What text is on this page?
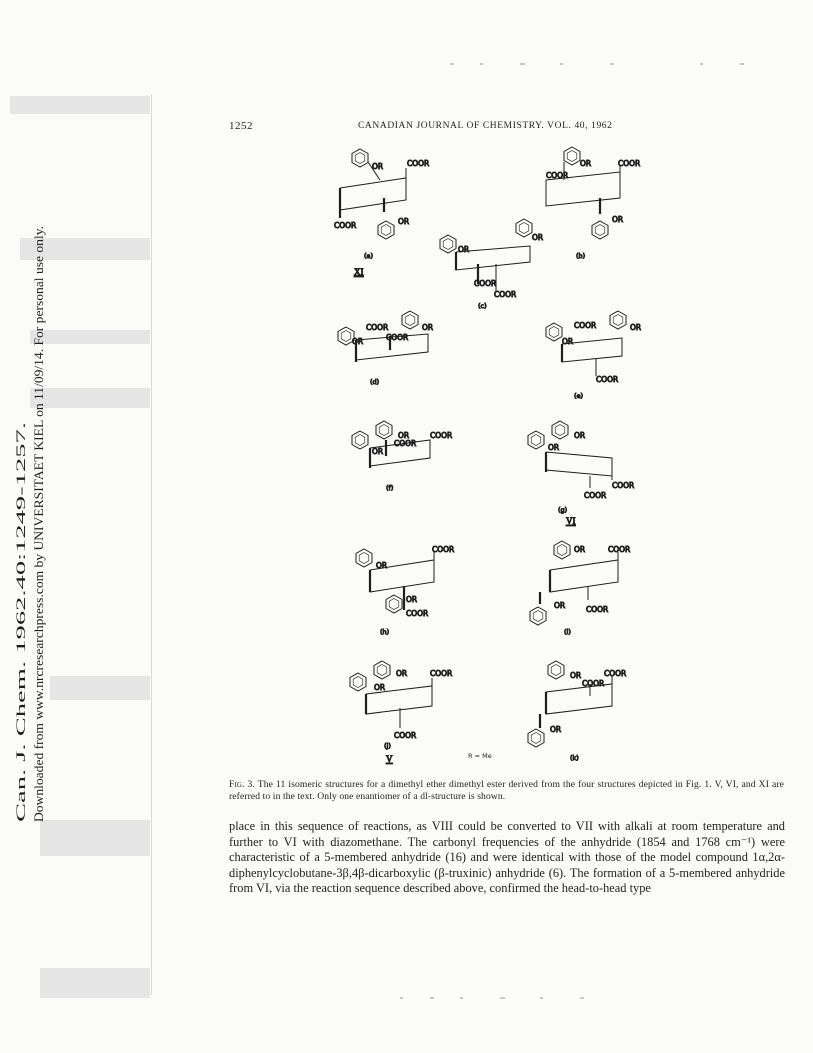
Can. J. Chem. 1962.40:1249-1257. Downloaded from www.nrcresearchpress.com by UNIVERSITAET KIEL on 11/09/14. For personal use only.
1252	CANADIAN JOURNAL OF CHEMISTRY. VOL. 40, 1962
OR	COOR
COOR	OR
(a)
XI
OR	COOR
COOR
OR
(b)
OR
OR
COOR
COOR
(c)
COOR	OR
OR	COOR
(d)
COOR	OR
OR
COOR
(e)
OR	COOR
COOR
OR
(f)
OR
OR
COOR
COOR
(g)
VI
COOR
OR
OR
COOR
(h)
OR	COOR
OR	COOR
(i)
OR	COOR
OR
COOR
(j)
V	R = Me
OR	COOR
COOR
OR
(k)
Fig. 3. The 11 isomeric structures for a dimethyl ether dimethyl ester derived from the four structures depicted in Fig. 1. V, VI, and XI are referred to in the text. Only one enantiomer of a dl-structure is shown.
place in this sequence of reactions, as VIII could be converted to VII with alkali at room temperature and further to VI with diazomethane. The carbonyl frequencies of the anhydride (1854 and 1768 cm⁻¹) were characteristic of a 5-membered anhydride (16) and were identical with those of the model compound 1α,2α-diphenylcyclobutane-3β,4β-dicarboxylic (β-truxinic) anhydride (6). The formation of a 5-membered anhydride from VI, via the reaction sequence described above, confirmed the head-to-head type
